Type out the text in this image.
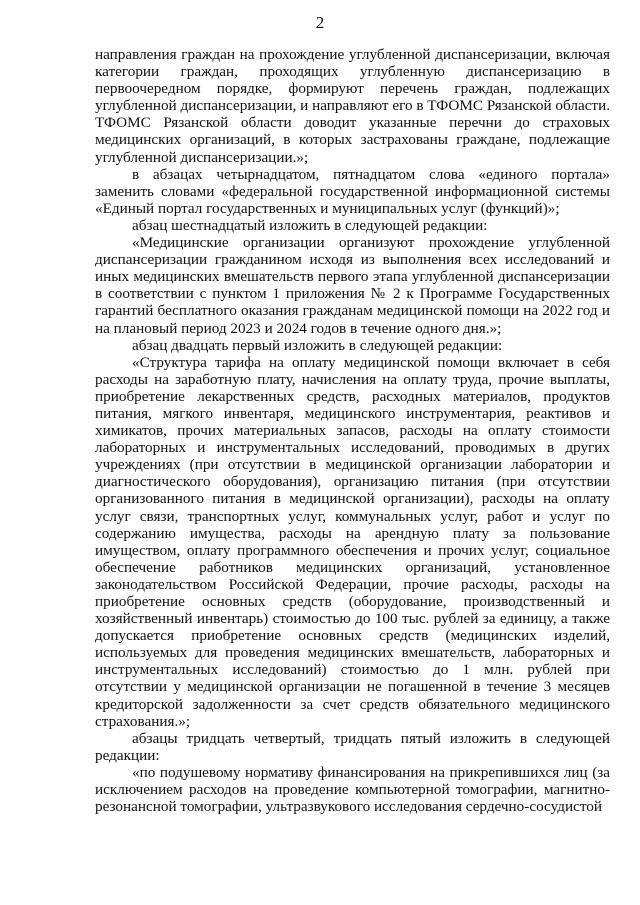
2

направления граждан на прохождение углубленной диспансеризации, включая категории граждан, проходящих углубленную диспансеризацию в первоочередном порядке, формируют перечень граждан, подлежащих углубленной диспансеризации, и направляют его в ТФОМС Рязанской области. ТФОМС Рязанской области доводит указанные перечни до страховых медицинских организаций, в которых застрахованы граждане, подлежащие углубленной диспансеризации.»;

в абзацах четырнадцатом, пятнадцатом слова «единого портала» заменить словами «федеральной государственной информационной системы «Единый портал государственных и муниципальных услуг (функций)»;

абзац шестнадцатый изложить в следующей редакции:

«Медицинские организации организуют прохождение углубленной диспансеризации гражданином исходя из выполнения всех исследований и иных медицинских вмешательств первого этапа углубленной диспансеризации в соответствии с пунктом 1 приложения № 2 к Программе Государственных гарантий бесплатного оказания гражданам медицинской помощи на 2022 год и на плановый период 2023 и 2024 годов в течение одного дня.»;

абзац двадцать первый изложить в следующей редакции:

«Структура тарифа на оплату медицинской помощи включает в себя расходы на заработную плату, начисления на оплату труда, прочие выплаты, приобретение лекарственных средств, расходных материалов, продуктов питания, мягкого инвентаря, медицинского инструментария, реактивов и химикатов, прочих материальных запасов, расходы на оплату стоимости лабораторных и инструментальных исследований, проводимых в других учреждениях (при отсутствии в медицинской организации лаборатории и диагностического оборудования), организацию питания (при отсутствии организованного питания в медицинской организации), расходы на оплату услуг связи, транспортных услуг, коммунальных услуг, работ и услуг по содержанию имущества, расходы на арендную плату за пользование имуществом, оплату программного обеспечения и прочих услуг, социальное обеспечение работников медицинских организаций, установленное законодательством Российской Федерации, прочие расходы, расходы на приобретение основных средств (оборудование, производственный и хозяйственный инвентарь) стоимостью до 100 тыс. рублей за единицу, а также допускается приобретение основных средств (медицинских изделий, используемых для проведения медицинских вмешательств, лабораторных и инструментальных исследований) стоимостью до 1 млн. рублей при отсутствии у медицинской организации не погашенной в течение 3 месяцев кредиторской задолженности за счет средств обязательного медицинского страхования.»;

абзацы тридцать четвертый, тридцать пятый изложить в следующей редакции:

«по подушевому нормативу финансирования на прикрепившихся лиц (за исключением расходов на проведение компьютерной томографии, магнитно-резонансной томографии, ультразвукового исследования сердечно-сосудистой
